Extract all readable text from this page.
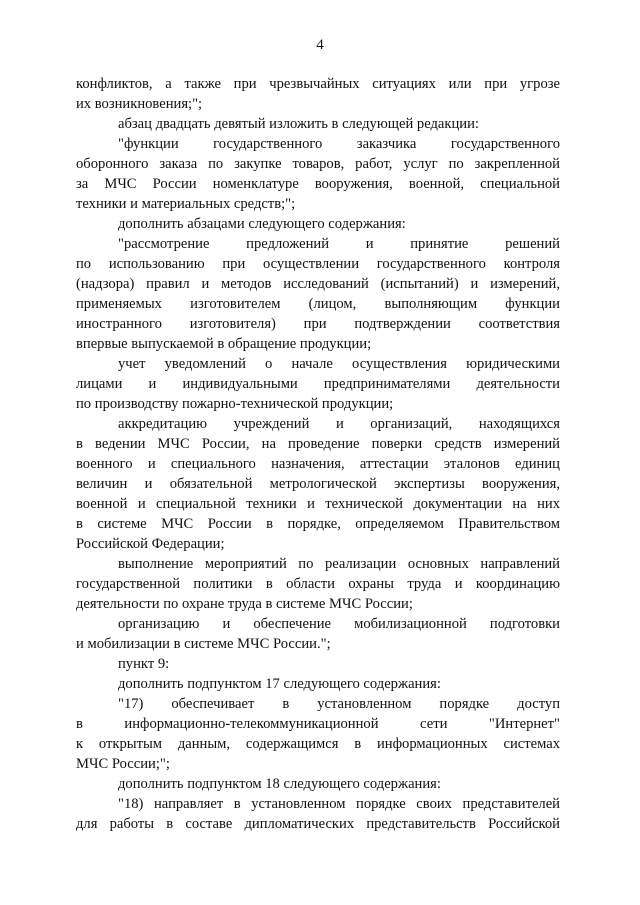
4
конфликтов, а также при чрезвычайных ситуациях или при угрозе
их возникновения;";
абзац двадцать девятый изложить в следующей редакции:
"функции государственного заказчика государственного
оборонного заказа по закупке товаров, работ, услуг по закрепленной
за МЧС России номенклатуре вооружения, военной, специальной
техники и материальных средств;";
дополнить абзацами следующего содержания:
"рассмотрение предложений и принятие решений
по использованию при осуществлении государственного контроля
(надзора) правил и методов исследований (испытаний) и измерений,
применяемых изготовителем (лицом, выполняющим функции
иностранного изготовителя) при подтверждении соответствия
впервые выпускаемой в обращение продукции;
учет уведомлений о начале осуществления юридическими
лицами и индивидуальными предпринимателями деятельности
по производству пожарно-технической продукции;
аккредитацию учреждений и организаций, находящихся
в ведении МЧС России, на проведение поверки средств измерений
военного и специального назначения, аттестации эталонов единиц
величин и обязательной метрологической экспертизы вооружения,
военной и специальной техники и технической документации на них
в системе МЧС России в порядке, определяемом Правительством
Российской Федерации;
выполнение мероприятий по реализации основных направлений
государственной политики в области охраны труда и координацию
деятельности по охране труда в системе МЧС России;
организацию и обеспечение мобилизационной подготовки
и мобилизации в системе МЧС России.";
пункт 9:
дополнить подпунктом 17 следующего содержания:
"17) обеспечивает в установленном порядке доступ
в информационно-телекоммуникационной сети "Интернет"
к открытым данным, содержащимся в информационных системах
МЧС России;";
дополнить подпунктом 18 следующего содержания:
"18) направляет в установленном порядке своих представителей
для работы в составе дипломатических представительств Российской
